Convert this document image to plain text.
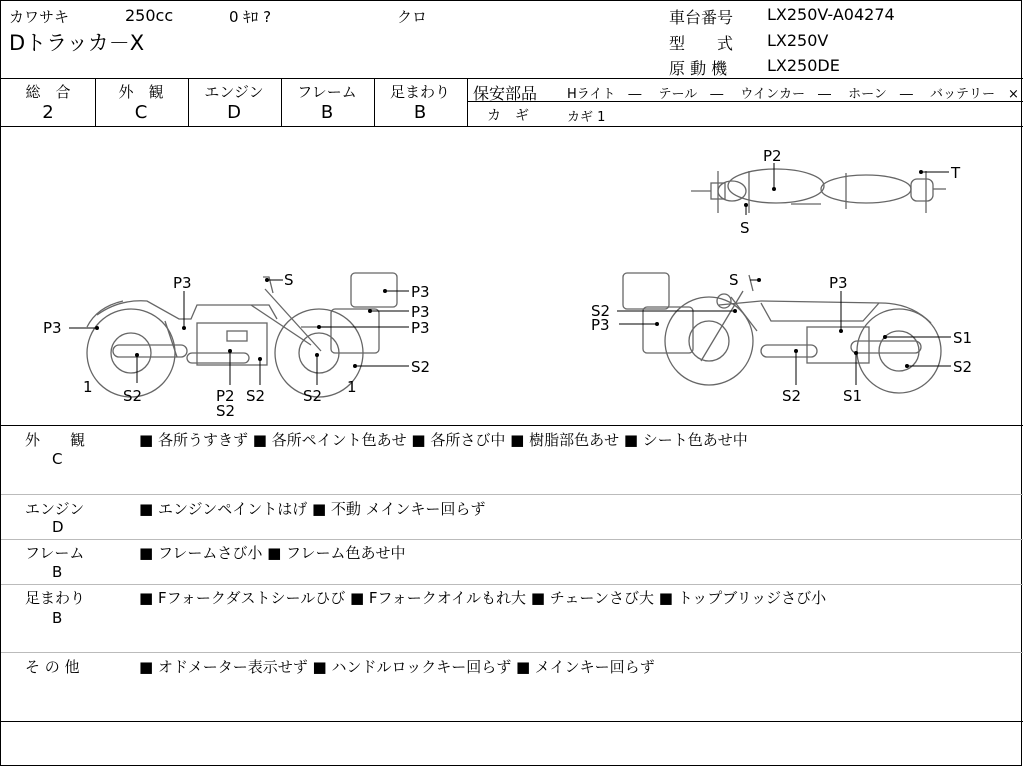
カワサキ	250cc	0 ｷﾛ ?	クロ
Dトラッカ－X
車台番号 LX250V-A04274
型　　式 LX250V
原 動 機 LX250DE
総　合
2
外　観
C
エンジン
D
フレーム
B
足まわり
B
保安部品 Hライト　―　 テール　―　 ウインカー　―　 ホーン　―　 バッテリー　×
カ　ギ	カギ 1
P2
S
T
P3
S
P3	P3
P3
P3
S2
1 S2	P2 S2
S2
S2 1
S	P3
S2
P3
S1
S2
S2	S1
外　　観
C
■ 各所うすきず ■ 各所ペイント色あせ ■ 各所さび中 ■ 樹脂部色あせ ■ シート色あせ中
エンジン
D
■ エンジンペイントはげ ■ 不動 メインキー回らず
フレーム
B
■ フレームさび小 ■ フレーム色あせ中
足まわり
B
■ Fフォークダストシールひび ■ Fフォークオイルもれ大 ■ チェーンさび大 ■ トップブリッジさび小
そ の 他	■ オドメーター表示せず ■ ハンドルロックキー回らず ■ メインキー回らず
